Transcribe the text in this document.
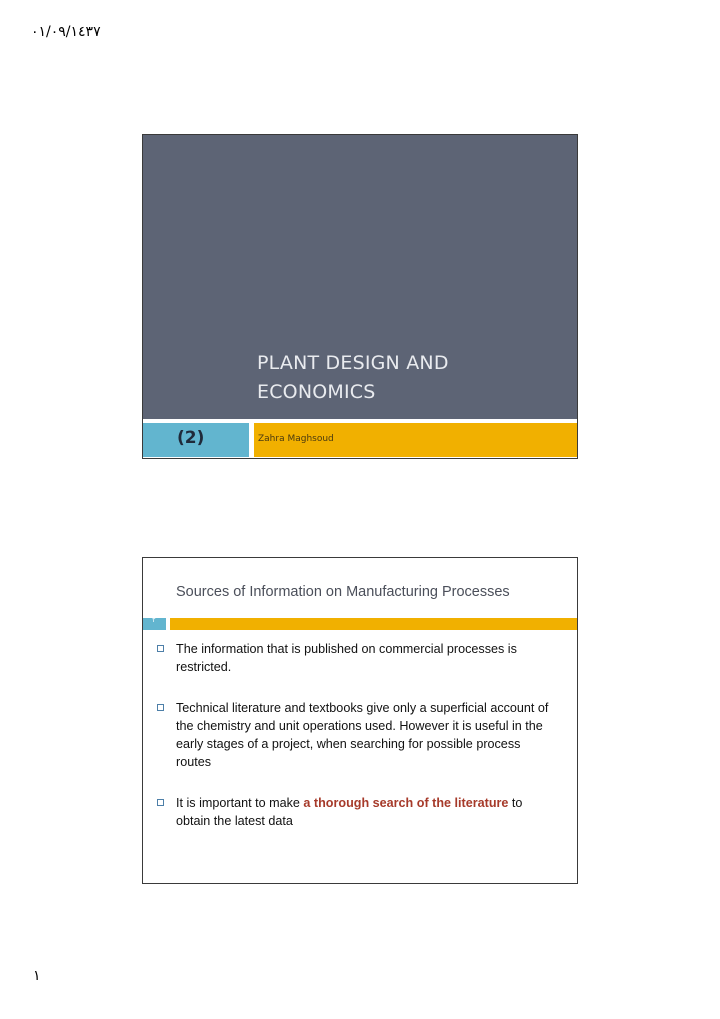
٠١/٠٩/١٤٣٧
PLANT DESIGN AND
ECONOMICS
(2)	Zahra Maghsoud
Sources of Information on Manufacturing Processes
٢
The information that is published on commercial processes is restricted.
Technical literature and textbooks give only a superficial account of the chemistry and unit operations used. However it is useful in the early stages of a project, when searching for possible process routes
It is important to make a thorough search of the literature to obtain the latest data
١
